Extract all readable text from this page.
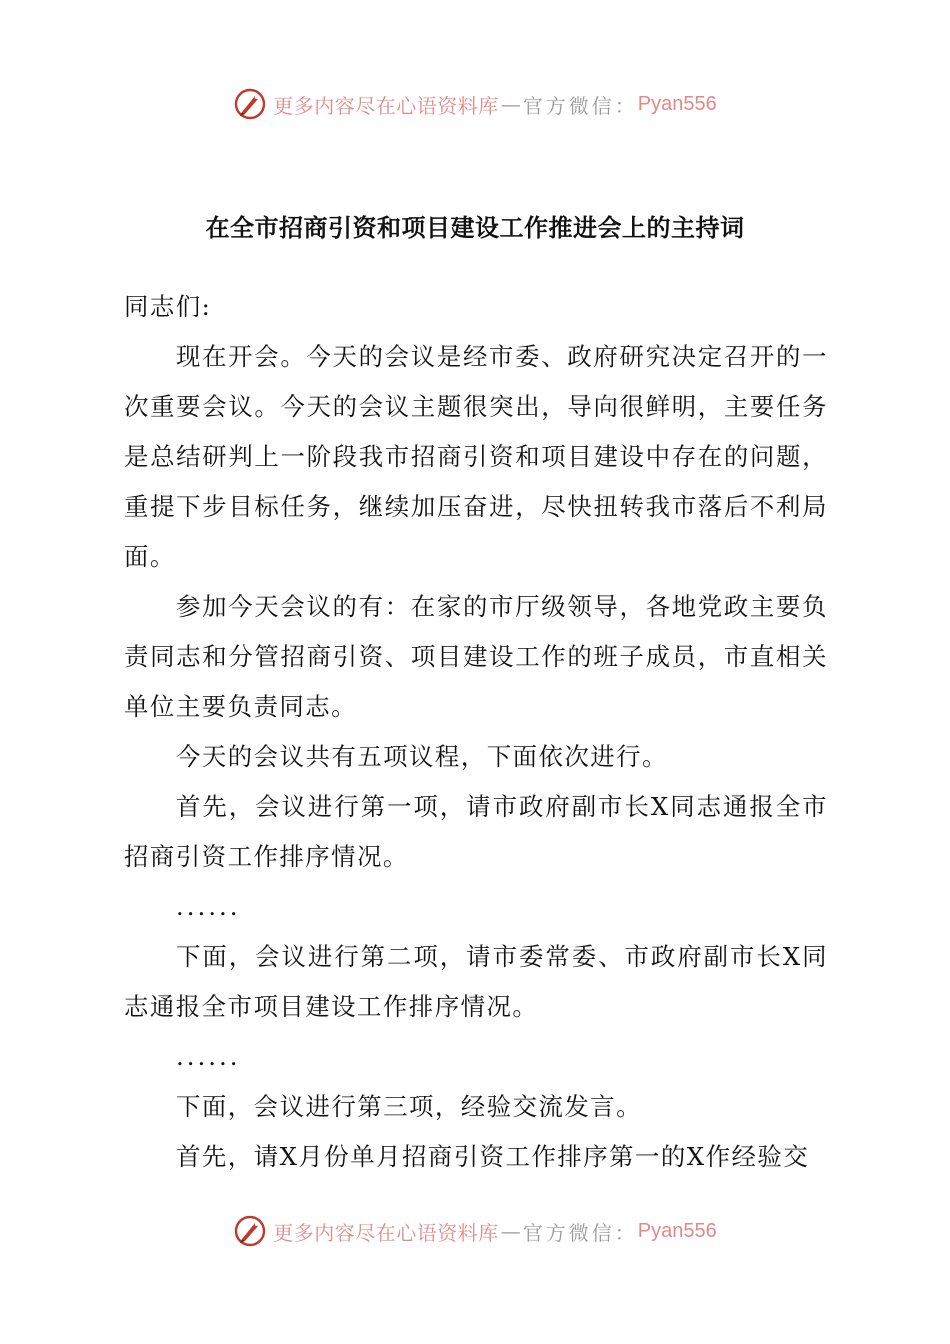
更多内容尽在心语资料库 — 官方微信： Pyan556
在全市招商引资和项目建设工作推进会上的主持词

同志们:

现在开会。今天的会议是经市委、政府研究决定召开的一次重要会议。今天的会议主题很突出，导向很鲜明，主要任务是总结研判上一阶段我市招商引资和项目建设中存在的问题，重提下步目标任务，继续加压奋进，尽快扭转我市落后不利局面。

参加今天会议的有：在家的市厅级领导，各地党政主要负责同志和分管招商引资、项目建设工作的班子成员，市直相关单位主要负责同志。

今天的会议共有五项议程，下面依次进行。

首先，会议进行第一项，请市政府副市长X同志通报全市招商引资工作排序情况。

......

下面，会议进行第二项，请市委常委、市政府副市长X同志通报全市项目建设工作排序情况。

......

下面，会议进行第三项，经验交流发言。

首先，请X月份单月招商引资工作排序第一的X作经验交

更多内容尽在心语资料库 — 官方微信： Pyan556
